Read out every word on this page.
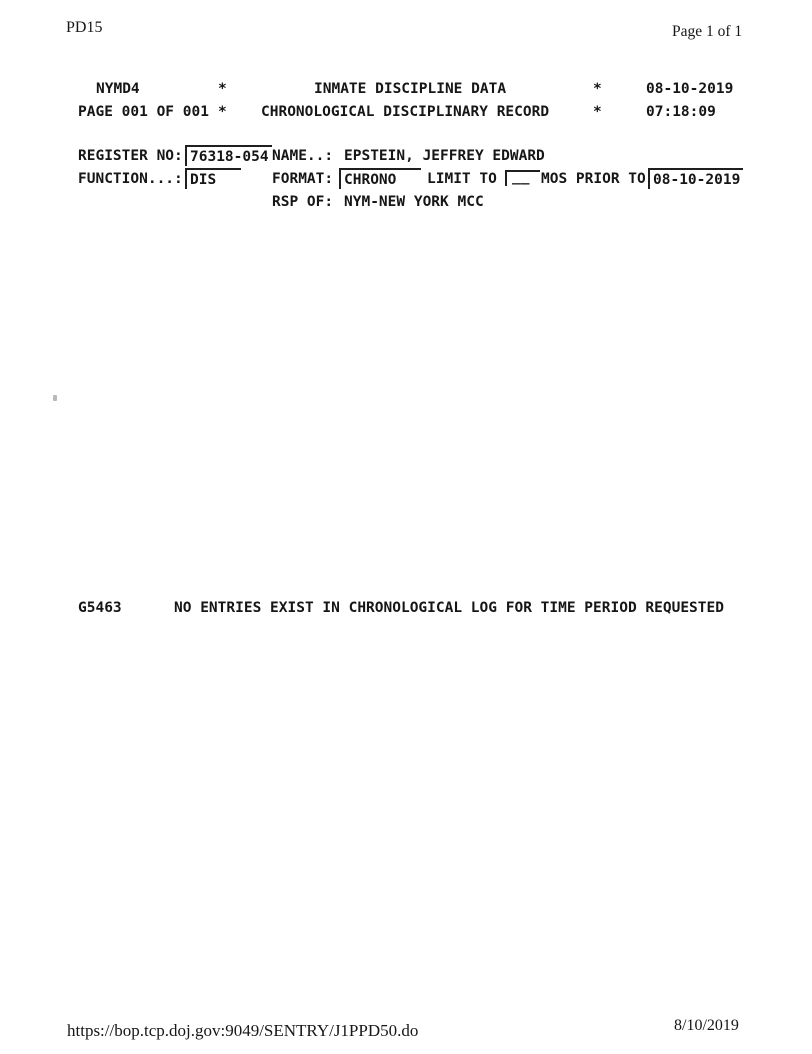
PD15	Page 1 of 1
NYMD4	*	INMATE DISCIPLINE DATA	*	08-10-2019
PAGE 001 OF 001 * CHRONOLOGICAL DISCIPLINARY RECORD	*	07:18:09
REGISTER NO: 76318-054 NAME..: EPSTEIN, JEFFREY EDWARD
FUNCTION...: DIS	FORMAT: CHRONO	LIMIT TO	__ MOS PRIOR TO 08-10-2019
RSP OF: NYM-NEW YORK MCC
G5463	NO ENTRIES EXIST IN CHRONOLOGICAL LOG FOR TIME PERIOD REQUESTED
https://bop.tcp.doj.gov:9049/SENTRY/J1PPD50.do	8/10/2019
